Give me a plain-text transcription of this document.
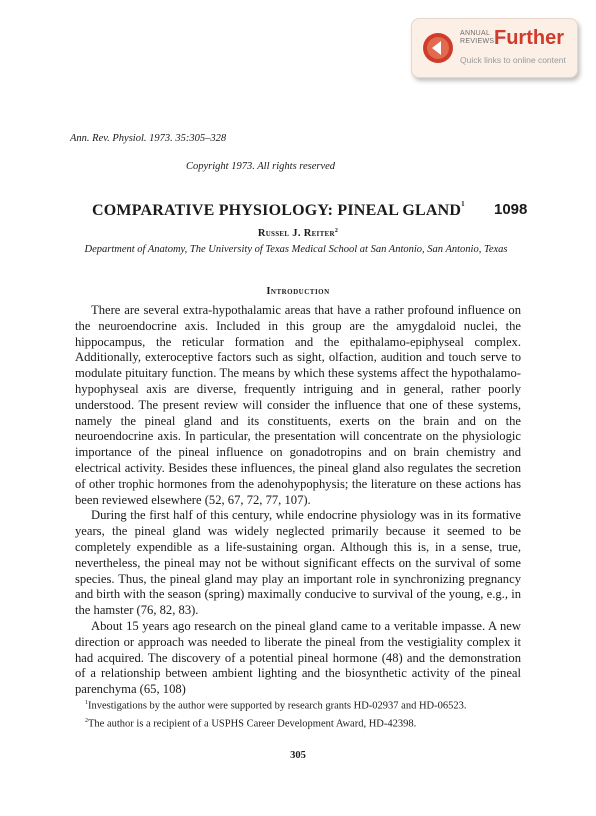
ANNUAL
REVIEWS Further
Quick links to online content
Ann. Rev. Physiol. 1973. 35:305–328
Copyright 1973. All rights reserved
COMPARATIVE PHYSIOLOGY: PINEAL GLAND$^1$ 1098
Russel J. Reiter$^2$
Department of Anatomy, The University of Texas Medical School at San Antonio, San Antonio, Texas
Introduction

There are several extra-hypothalamic areas that have a rather profound influence on the neuroendocrine axis. Included in this group are the amygdaloid nuclei, the hippocampus, the reticular formation and the epithalamo-epiphyseal complex. Additionally, exteroceptive factors such as sight, olfaction, audition and touch serve to modulate pituitary function. The means by which these systems affect the hypothalamo-hypophyseal axis are diverse, frequently intriguing and in general, rather poorly understood. The present review will consider the influence that one of these systems, namely the pineal gland and its constituents, exerts on the brain and on the neuroendocrine axis. In particular, the presentation will concentrate on the physiologic importance of the pineal influence on gonadotropins and on brain chemistry and electrical activity. Besides these influences, the pineal gland also regulates the secretion of other trophic hormones from the adenohypophysis; the literature on these actions has been reviewed elsewhere (52, 67, 72, 77, 107).

During the first half of this century, while endocrine physiology was in its formative years, the pineal gland was widely neglected primarily because it seemed to be completely expendible as a life-sustaining organ. Although this is, in a sense, true, nevertheless, the pineal may not be without significant effects on the survival of some species. Thus, the pineal gland may play an important role in synchronizing pregnancy and birth with the season (spring) maximally conducive to survival of the young, e.g., in the hamster (76, 82, 83).

About 15 years ago research on the pineal gland came to a veritable impasse. A new direction or approach was needed to liberate the pineal from the vestigiality complex it had acquired. The discovery of a potential pineal hormone (48) and the demonstration of a relationship between ambient lighting and the biosynthetic activity of the pineal parenchyma (65, 108)

$^1$Investigations by the author were supported by research grants HD-02937 and HD-06523.

$^2$The author is a recipient of a USPHS Career Development Award, HD-42398.

305
